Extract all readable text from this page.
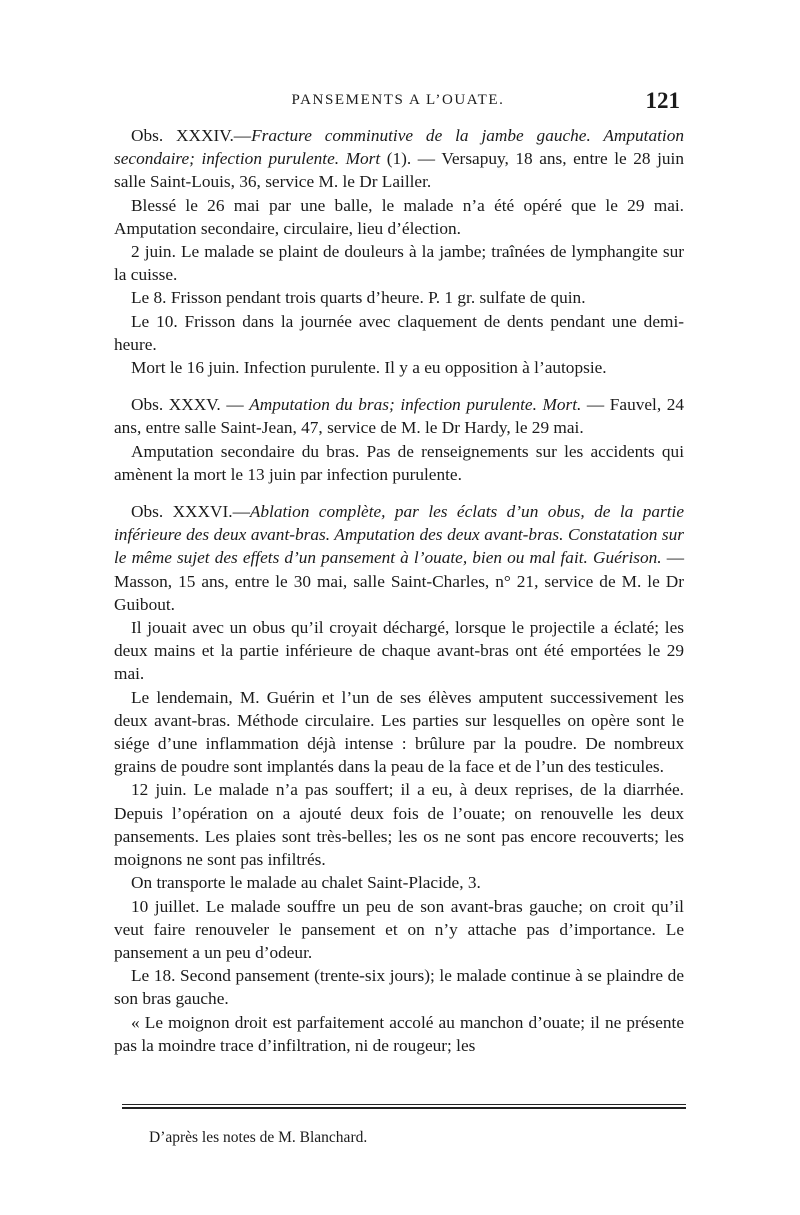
PANSEMENTS A L’OUATE.	121

Obs. XXXIV.—Fracture comminutive de la jambe gauche. Amputation secondaire; infection purulente. Mort (1). — Versapuy, 18 ans, entre le 28 juin salle Saint-Louis, 36, service M. le Dr Lailler.

Blessé le 26 mai par une balle, le malade n’a été opéré que le 29 mai. Amputation secondaire, circulaire, lieu d’élection.

2 juin. Le malade se plaint de douleurs à la jambe; traînées de lymphangite sur la cuisse.

Le 8. Frisson pendant trois quarts d’heure. P. 1 gr. sulfate de quin.

Le 10. Frisson dans la journée avec claquement de dents pendant une demi-heure.

Mort le 16 juin. Infection purulente. Il y a eu opposition à l’autopsie.

Obs. XXXV. — Amputation du bras; infection purulente. Mort. — Fauvel, 24 ans, entre salle Saint-Jean, 47, service de M. le Dr Hardy, le 29 mai.

Amputation secondaire du bras. Pas de renseignements sur les accidents qui amènent la mort le 13 juin par infection purulente.

Obs. XXXVI.—Ablation complète, par les éclats d’un obus, de la partie inférieure des deux avant-bras. Amputation des deux avant-bras. Constatation sur le même sujet des effets d’un pansement à l’ouate, bien ou mal fait. Guérison. — Masson, 15 ans, entre le 30 mai, salle Saint-Charles, n° 21, service de M. le Dr Guibout.

Il jouait avec un obus qu’il croyait déchargé, lorsque le projectile a éclaté; les deux mains et la partie inférieure de chaque avant-bras ont été emportées le 29 mai.

Le lendemain, M. Guérin et l’un de ses élèves amputent successivement les deux avant-bras. Méthode circulaire. Les parties sur lesquelles on opère sont le siége d’une inflammation déjà intense : brûlure par la poudre. De nombreux grains de poudre sont implantés dans la peau de la face et de l’un des testicules.

12 juin. Le malade n’a pas souffert; il a eu, à deux reprises, de la diarrhée. Depuis l’opération on a ajouté deux fois de l’ouate; on renouvelle les deux pansements. Les plaies sont très-belles; les os ne sont pas encore recouverts; les moignons ne sont pas infiltrés.

On transporte le malade au chalet Saint-Placide, 3.

10 juillet. Le malade souffre un peu de son avant-bras gauche; on croit qu’il veut faire renouveler le pansement et on n’y attache pas d’importance. Le pansement a un peu d’odeur.

Le 18. Second pansement (trente-six jours); le malade continue à se plaindre de son bras gauche.

« Le moignon droit est parfaitement accolé au manchon d’ouate; il ne présente pas la moindre trace d’infiltration, ni de rougeur; les

D’après les notes de M. Blanchard.
